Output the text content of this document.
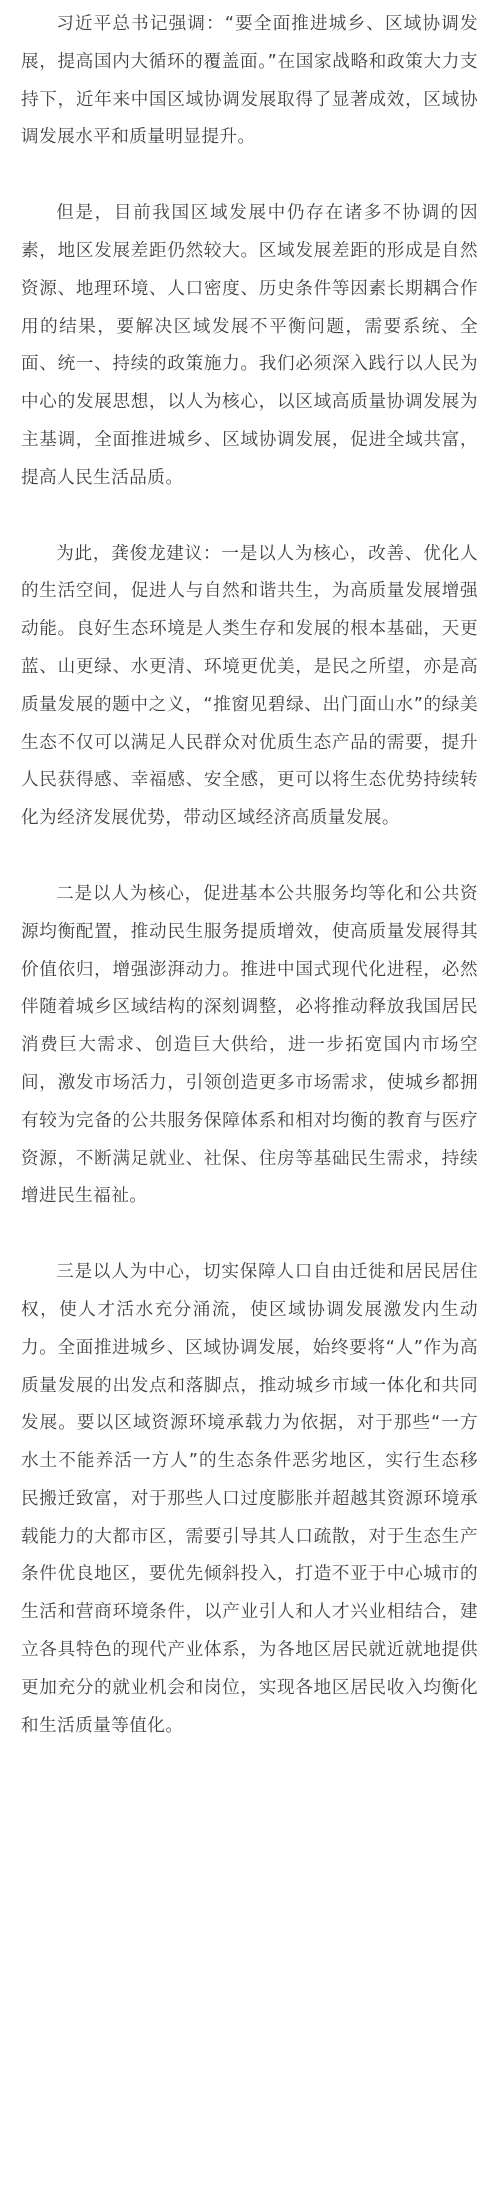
习近平总书记强调：“要全面推进城乡、区域协调发展，提高国内大循环的覆盖面。”在国家战略和政策大力支持下，近年来中国区域协调发展取得了显著成效，区域协调发展水平和质量明显提升。

但是，目前我国区域发展中仍存在诸多不协调的因素，地区发展差距仍然较大。区域发展差距的形成是自然资源、地理环境、人口密度、历史条件等因素长期耦合作用的结果，要解决区域发展不平衡问题，需要系统、全面、统一、持续的政策施力。我们必须深入践行以人民为中心的发展思想，以人为核心，以区域高质量协调发展为主基调，全面推进城乡、区域协调发展，促进全域共富，提高人民生活品质。

为此，龚俊龙建议：一是以人为核心，改善、优化人的生活空间，促进人与自然和谐共生，为高质量发展增强动能。良好生态环境是人类生存和发展的根本基础，天更蓝、山更绿、水更清、环境更优美，是民之所望，亦是高质量发展的题中之义，“推窗见碧绿、出门面山水”的绿美生态不仅可以满足人民群众对优质生态产品的需要，提升人民获得感、幸福感、安全感，更可以将生态优势持续转化为经济发展优势，带动区域经济高质量发展。

二是以人为核心，促进基本公共服务均等化和公共资源均衡配置，推动民生服务提质增效，使高质量发展得其价值依归，增强澎湃动力。推进中国式现代化进程，必然伴随着城乡区域结构的深刻调整，必将推动释放我国居民消费巨大需求、创造巨大供给，进一步拓宽国内市场空间，激发市场活力，引领创造更多市场需求，使城乡都拥有较为完备的公共服务保障体系和相对均衡的教育与医疗资源，不断满足就业、社保、住房等基础民生需求，持续增进民生福祉。

三是以人为中心，切实保障人口自由迁徙和居民居住权，使人才活水充分涌流，使区域协调发展激发内生动力。全面推进城乡、区域协调发展，始终要将“人”作为高质量发展的出发点和落脚点，推动城乡市域一体化和共同发展。要以区域资源环境承载力为依据，对于那些“一方水土不能养活一方人”的生态条件恶劣地区，实行生态移民搬迁致富，对于那些人口过度膨胀并超越其资源环境承载能力的大都市区，需要引导其人口疏散，对于生态生产条件优良地区，要优先倾斜投入，打造不亚于中心城市的生活和营商环境条件，以产业引人和人才兴业相结合，建立各具特色的现代产业体系，为各地区居民就近就地提供更加充分的就业机会和岗位，实现各地区居民收入均衡化和生活质量等值化。
